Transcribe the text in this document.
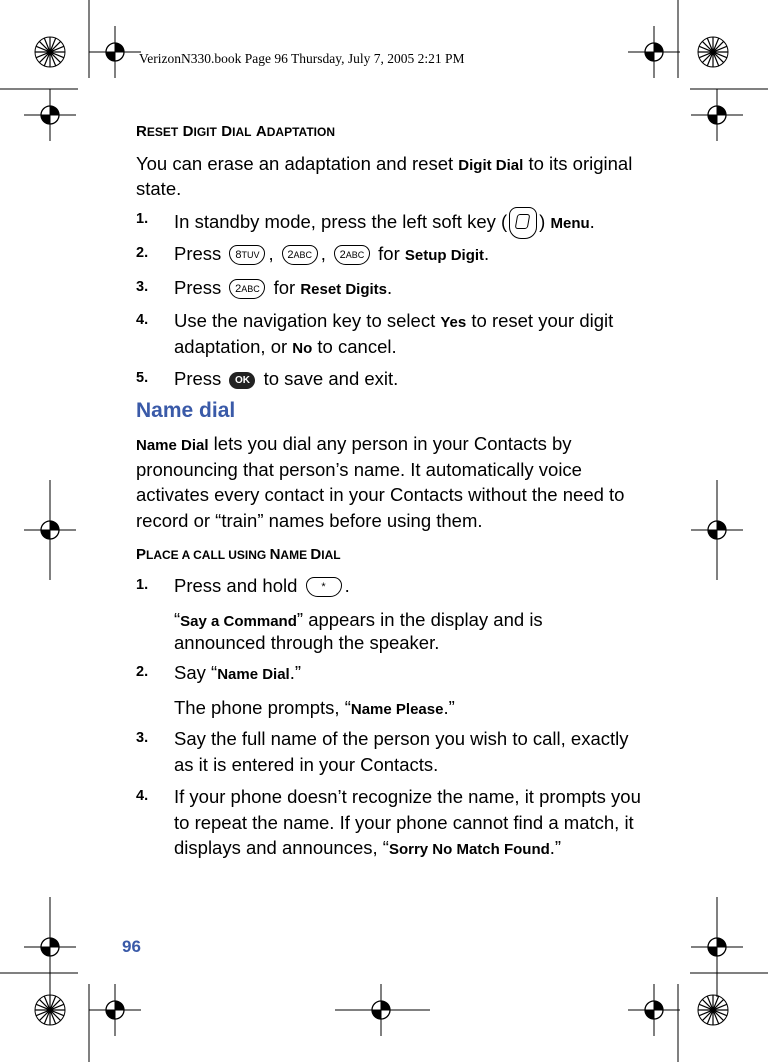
VerizonN330.book Page 96 Thursday, July 7, 2005 2:21 PM
RESET DIGIT DIAL ADAPTATION
You can erase an adaptation and reset Digit Dial to its original
state.
1. In standby mode, press the left soft key ( ) Menu.
2. Press 8TUV , 2ABC , 2ABC for Setup Digit.
3. Press 2ABC for Reset Digits.
4. Use the navigation key to select Yes to reset your digit
adaptation, or No to cancel.
5. Press OK to save and exit.
Name dial
Name Dial lets you dial any person in your Contacts by
pronouncing that person’s name. It automatically voice
activates every contact in your Contacts without the need to
record or “train” names before using them.
PLACE A CALL USING NAME DIAL
1. Press and hold * .
“Say a Command” appears in the display and is
announced through the speaker.
2. Say “Name Dial.”
The phone prompts, “Name Please.”
3. Say the full name of the person you wish to call, exactly
as it is entered in your Contacts.
4. If your phone doesn’t recognize the name, it prompts you
to repeat the name. If your phone cannot find a match, it
displays and announces, “Sorry No Match Found.”
96
